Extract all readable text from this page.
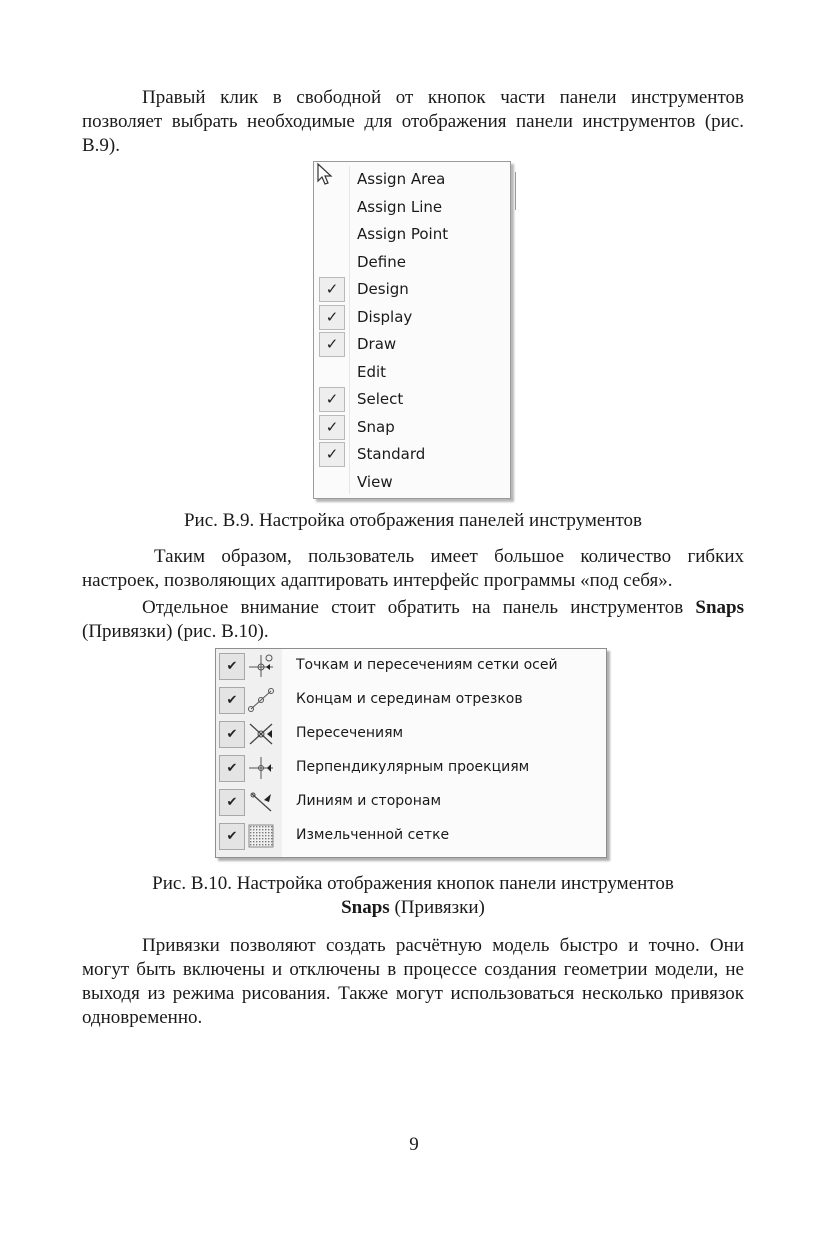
Правый клик в свободной от кнопок части панели инструментов позволяет выбрать необходимые для отображения панели инструментов (рис. В.9).

Assign Area
Assign Line
Assign Point
Define
✓	Design
✓	Display
✓	Draw
Edit
✓	Select
✓	Snap
✓	Standard
View

Рис. В.9. Настройка отображения панелей инструментов

Таким образом, пользователь имеет большое количество гибких настроек, позволяющих адаптировать интерфейс программы «под себя».

Отдельное внимание стоит обратить на панель инструментов Snaps (Привязки) (рис. В.10).

✔	Точкам и пересечениям сетки осей
✔	Концам и серединам отрезков
✔	Пересечениям
✔	Перпендикулярным проекциям
✔	Линиям и сторонам
✔	Измельченной сетке

Рис. В.10. Настройка отображения кнопок панели инструментов
Snaps (Привязки)

Привязки позволяют создать расчётную модель быстро и точно. Они могут быть включены и отключены в процессе создания геометрии модели, не выходя из режима рисования. Также могут использоваться несколько привязок одновременно.

9
